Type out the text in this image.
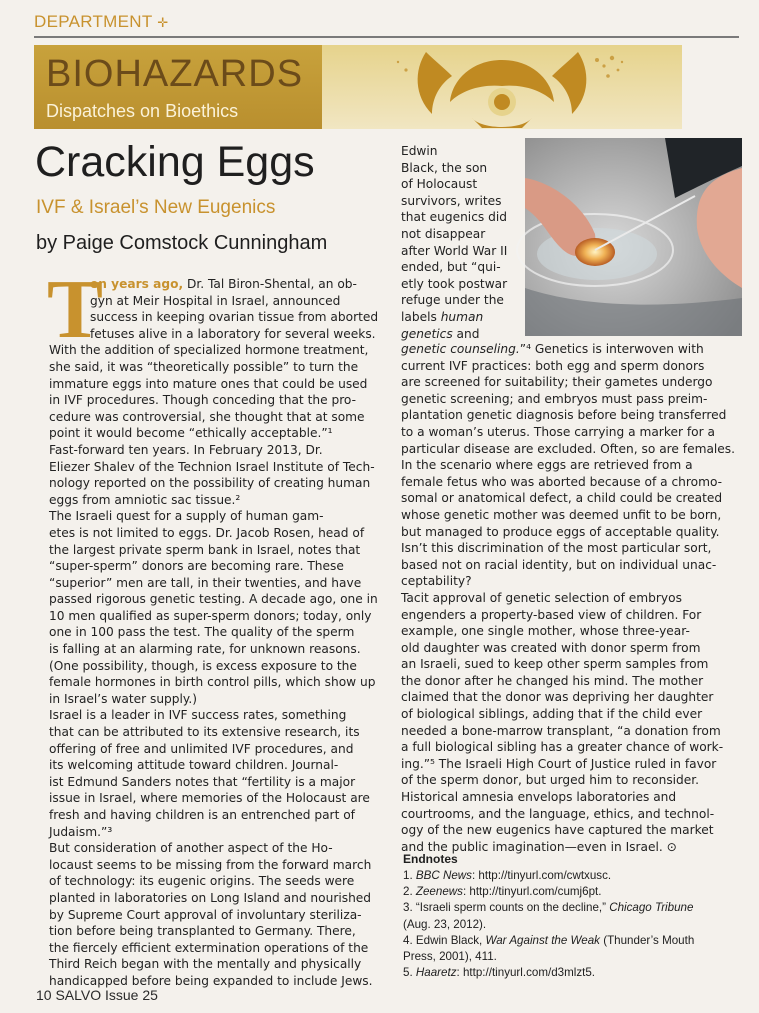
DEPARTMENT ✛
BIOHAZARDS
Dispatches on Bioethics
Cracking Eggs
IVF & Israel’s New Eugenics
by Paige Comstock Cunningham
T
en years ago, Dr. Tal Biron-Shental, an ob-
gyn at Meir Hospital in Israel, announced
success in keeping ovarian tissue from aborted
fetuses alive in a laboratory for several weeks.
With the addition of specialized hormone treatment,
she said, it was “theoretically possible” to turn the
immature eggs into mature ones that could be used
in IVF procedures. Though conceding that the pro-
cedure was controversial, she thought that at some
point it would become “ethically acceptable.”¹
Fast-forward ten years. In February 2013, Dr.
Eliezer Shalev of the Technion Israel Institute of Tech-
nology reported on the possibility of creating human
eggs from amniotic sac tissue.²
The Israeli quest for a supply of human gam-
etes is not limited to eggs. Dr. Jacob Rosen, head of
the largest private sperm bank in Israel, notes that
“super-sperm” donors are becoming rare. These
“superior” men are tall, in their twenties, and have
passed rigorous genetic testing. A decade ago, one in
10 men qualified as super-sperm donors; today, only
one in 100 pass the test. The quality of the sperm
is falling at an alarming rate, for unknown reasons.
(One possibility, though, is excess exposure to the
female hormones in birth control pills, which show up
in Israel’s water supply.)
Israel is a leader in IVF success rates, something
that can be attributed to its extensive research, its
offering of free and unlimited IVF procedures, and
its welcoming attitude toward children. Journal-
ist Edmund Sanders notes that “fertility is a major
issue in Israel, where memories of the Holocaust are
fresh and having children is an entrenched part of
Judaism.”³
But consideration of another aspect of the Ho-
locaust seems to be missing from the forward march
of technology: its eugenic origins. The seeds were
planted in laboratories on Long Island and nourished
by Supreme Court approval of involuntary steriliza-
tion before being transplanted to Germany. There,
the fiercely efficient extermination operations of the
Third Reich began with the mentally and physically
handicapped before being expanded to include Jews.
Edwin
Black, the son
of Holocaust
survivors, writes
that eugenics did
not disappear
after World War II
ended, but “qui-
etly took postwar
refuge under the
labels human
genetics and
genetic counseling.”⁴ Genetics is interwoven with
current IVF practices: both egg and sperm donors
are screened for suitability; their gametes undergo
genetic screening; and embryos must pass preim-
plantation genetic diagnosis before being transferred
to a woman’s uterus. Those carrying a marker for a
particular disease are excluded. Often, so are females.
In the scenario where eggs are retrieved from a
female fetus who was aborted because of a chromo-
somal or anatomical defect, a child could be created
whose genetic mother was deemed unfit to be born,
but managed to produce eggs of acceptable quality.
Isn’t this discrimination of the most particular sort,
based not on racial identity, but on individual unac-
ceptability?
Tacit approval of genetic selection of embryos
engenders a property-based view of children. For
example, one single mother, whose three-year-
old daughter was created with donor sperm from
an Israeli, sued to keep other sperm samples from
the donor after he changed his mind. The mother
claimed that the donor was depriving her daughter
of biological siblings, adding that if the child ever
needed a bone-marrow transplant, “a donation from
a full biological sibling has a greater chance of work-
ing.”⁵ The Israeli High Court of Justice ruled in favor
of the sperm donor, but urged him to reconsider.
Historical amnesia envelops laboratories and
courtrooms, and the language, ethics, and technol-
ogy of the new eugenics have captured the market
and the public imagination—even in Israel. ⊙
Endnotes
1. BBC News: http://tinyurl.com/cwtxusc.
2. Zeenews: http://tinyurl.com/cumj6pt.
3. “Israeli sperm counts on the decline,” Chicago Tribune
(Aug. 23, 2012).
4. Edwin Black, War Against the Weak (Thunder’s Mouth
Press, 2001), 411.
5. Haaretz: http://tinyurl.com/d3mlzt5.
10 SALVO Issue 25
